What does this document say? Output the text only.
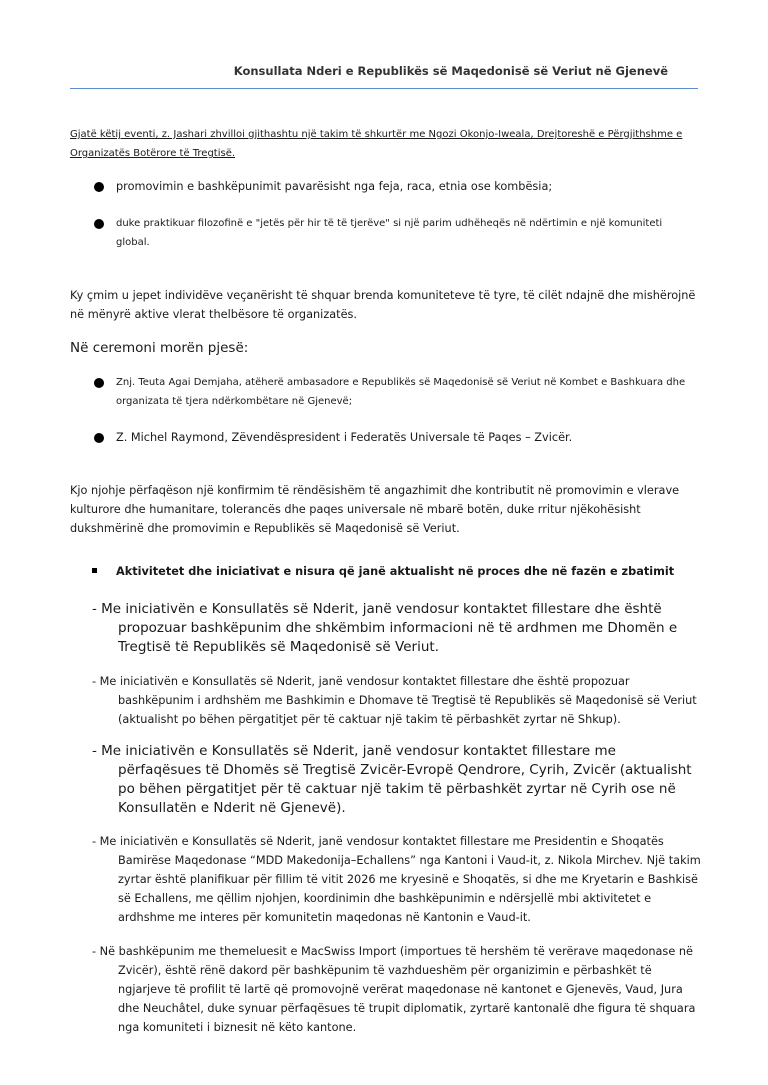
Konsullata Nderi e Republikës së Maqedonisë së Veriut në Gjenevë
Gjatë këtij eventi, z. Jashari zhvilloi gjithashtu një takim të shkurtër me Ngozi Okonjo-Iweala, Drejtoreshë e Përgjithshme e Organizatës Botërore të Tregtisë.
promovimin e bashkëpunimit pavarësisht nga feja, raca, etnia ose kombësia;
duke praktikuar filozofinë e "jetës për hir të të tjerëve" si një parim udhëheqës në ndërtimin e një komuniteti global.
Ky çmim u jepet individëve veçanërisht të shquar brenda komuniteteve të tyre, të cilët ndajnë dhe mishërojnë në mënyrë aktive vlerat thelbësore të organizatës.
Në ceremoni morën pjesë:
Znj. Teuta Agai Demjaha, atëherë ambasadore e Republikës së Maqedonisë së Veriut në Kombet e Bashkuara dhe organizata të tjera ndërkombëtare në Gjenevë;
Z. Michel Raymond, Zëvendëspresident i Federatës Universale të Paqes – Zvicër.
Kjo njohje përfaqëson një konfirmim të rëndësishëm të angazhimit dhe kontributit në promovimin e vlerave kulturore dhe humanitare, tolerancës dhe paqes universale në mbarë botën, duke rritur njëkohësisht dukshmërinë dhe promovimin e Republikës së Maqedonisë së Veriut.
Aktivitetet dhe iniciativat e nisura që janë aktualisht në proces dhe në fazën e zbatimit
- Me iniciativën e Konsullatës së Nderit, janë vendosur kontaktet fillestare dhe është propozuar bashkëpunim dhe shkëmbim informacioni në të ardhmen me Dhomën e Tregtisë të Republikës së Maqedonisë së Veriut.
- Me iniciativën e Konsullatës së Nderit, janë vendosur kontaktet fillestare dhe është propozuar bashkëpunim i ardhshëm me Bashkimin e Dhomave të Tregtisë të Republikës së Maqedonisë së Veriut (aktualisht po bëhen përgatitjet për të caktuar një takim të përbashkët zyrtar në Shkup).
- Me iniciativën e Konsullatës së Nderit, janë vendosur kontaktet fillestare me përfaqësues të Dhomës së Tregtisë Zvicër-Evropë Qendrore, Cyrih, Zvicër (aktualisht po bëhen përgatitjet për të caktuar një takim të përbashkët zyrtar në Cyrih ose në Konsullatën e Nderit në Gjenevë).
- Me iniciativën e Konsullatës së Nderit, janë vendosur kontaktet fillestare me Presidentin e Shoqatës Bamirëse Maqedonase “MDD Makedonija–Echallens” nga Kantoni i Vaud-it, z. Nikola Mirchev. Një takim zyrtar është planifikuar për fillim të vitit 2026 me kryesinë e Shoqatës, si dhe me Kryetarin e Bashkisë së Echallens, me qëllim njohjen, koordinimin dhe bashkëpunimin e ndërsjellë mbi aktivitetet e ardhshme me interes për komunitetin maqedonas në Kantonin e Vaud-it.
- Në bashkëpunim me themeluesit e MacSwiss Import (importues të hershëm të verërave maqedonase në Zvicër), është rënë dakord për bashkëpunim të vazhdueshëm për organizimin e përbashkët të ngjarjeve të profilit të lartë që promovojnë verërat maqedonase në kantonet e Gjenevës, Vaud, Jura dhe Neuchâtel, duke synuar përfaqësues të trupit diplomatik, zyrtarë kantonalë dhe figura të shquara nga komuniteti i biznesit në këto kantone.
